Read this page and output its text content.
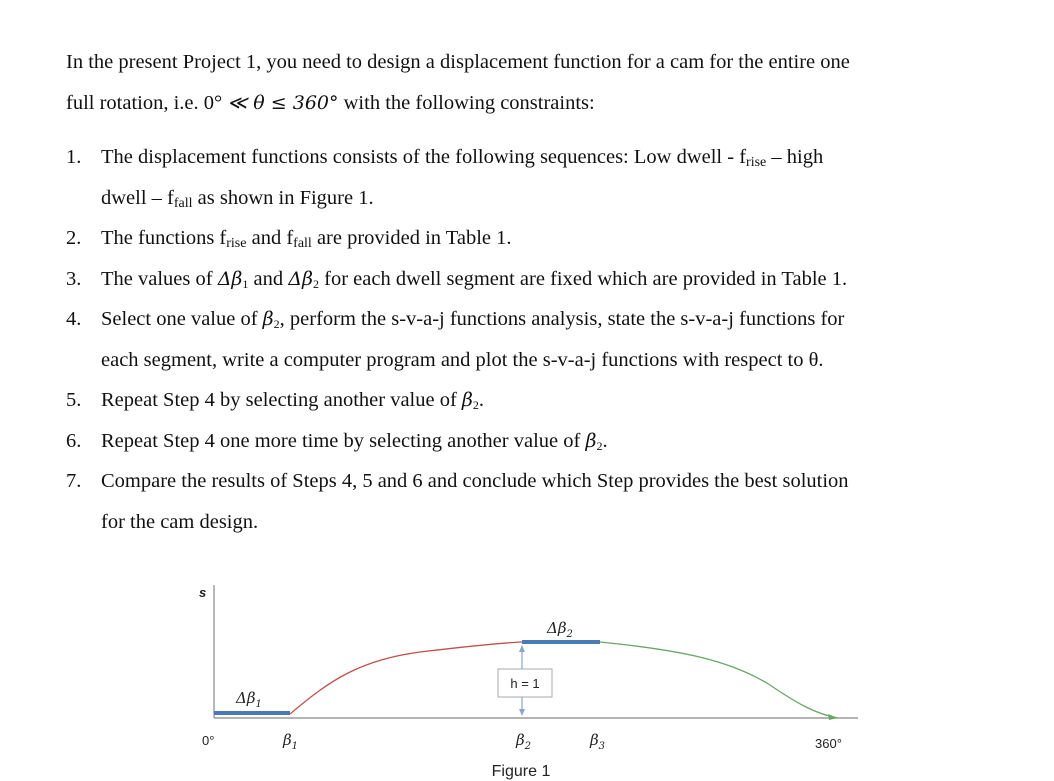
In the present Project 1, you need to design a displacement function for a cam for the entire one
full rotation, i.e. 0° ≪ θ ≤ 360° with the following constraints:
1. The displacement functions consists of the following sequences: Low dwell - $f_{rise}$ – high
dwell – $f_{fall}$ as shown in Figure 1.
2. The functions $f_{rise}$ and $f_{fall}$ are provided in Table 1.
3. The values of $\Delta\beta_1$ and $\Delta\beta_2$ for each dwell segment are fixed which are provided in Table 1.
4. Select one value of $\beta_2$, perform the s-v-a-j functions analysis, state the s-v-a-j functions for
each segment, write a computer program and plot the s-v-a-j functions with respect to θ.
5. Repeat Step 4 by selecting another value of $\beta_2$.
6. Repeat Step 4 one more time by selecting another value of $\beta_2$.
7. Compare the results of Steps 4, 5 and 6 and conclude which Step provides the best solution
for the cam design.
s
h = 1
$\Delta\beta_1$
$\Delta\beta_2$
0°	$\beta_1$	$\beta_2$	$\beta_3$	360°
Figure 1
